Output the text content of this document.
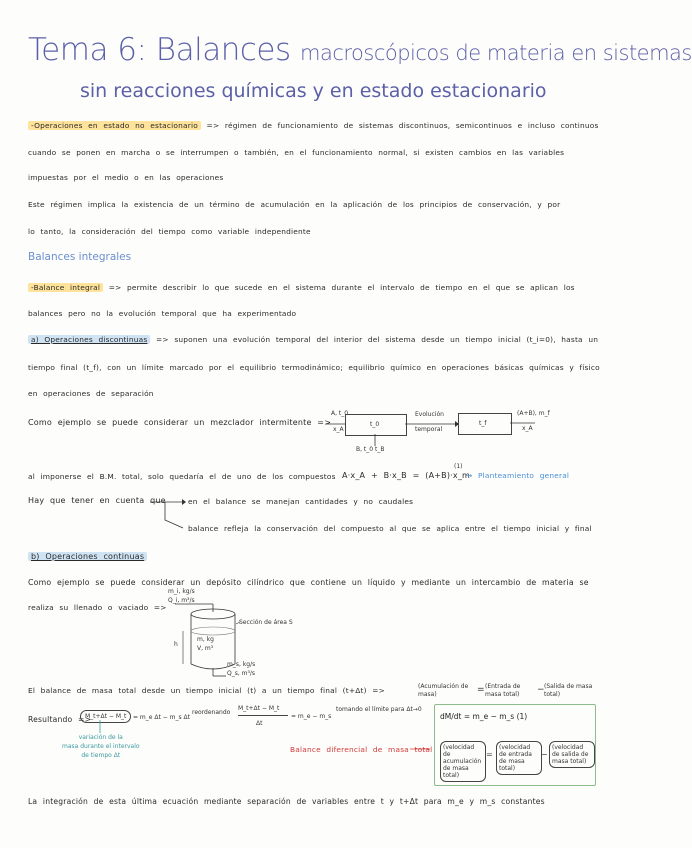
Tema 6: Balances macroscópicos de materia en sistemas
sin reacciones químicas y en estado estacionario
-Operaciones en estado no estacionario => régimen de funcionamiento de sistemas discontinuos, semicontinuos e incluso continuos
cuando se ponen en marcha o se interrumpen o también, en el funcionamiento normal, si existen cambios en las variables
impuestas por el medio o en las operaciones
Este régimen implica la existencia de un término de acumulación en la aplicación de los principios de conservación, y por
lo tanto, la consideración del tiempo como variable independiente
Balances integrales
-Balance integral => permite describir lo que sucede en el sistema durante el intervalo de tiempo en el que se aplican los
balances pero no la evolución temporal que ha experimentado
a) Operaciones discontinuas => suponen una evolución temporal del interior del sistema desde un tiempo inicial (t_i=0), hasta un
tiempo final (t_f), con un límite marcado por el equilibrio termodinámico; equilibrio químico en operaciones básicas químicas y físico
en operaciones de separación
Como ejemplo se puede considerar un mezclador intermitente =>
A, t_0
x_A
t_0
Evolución
temporal
t_f
(A+B), m_f
x_A
B, t_0 t_B
al imponerse el B.M. total, solo quedaría el de uno de los compuestos A·x_A + B·x_B = (A+B)·x_m
(1)
→ Planteamiento general
Hay que tener en cuenta que	en el balance se manejan cantidades y no caudales
balance refleja la conservación del compuesto al que se aplica entre el tiempo inicial y final
b) Operaciones continuas
Como ejemplo se puede considerar un depósito cilíndrico que contiene un líquido y mediante un intercambio de materia se
realiza su llenado o vaciado =>
m_i, kg/s
Q_i, m³/s
Sección de área S
h
m, kg
V, m³
m_s, kg/s
Q_s, m³/s
El balance de masa total desde un tiempo inicial (t) a un tiempo final (t+Δt) =>	(Acumulación de masa)
(Entrada de masa total)
(Salida de masa total)
Resultando =>
M_t+Δt − M_t	= m_e Δt − m_s Δt
reordenando
M_t+Δt − M_t
Δt
= m_e − m_s
tomando el límite para Δt→0
dM/dt = m_e − m_s (1)
variación de la
masa durante el intervalo
de tiempo Δt
Balance diferencial de masa total	(velocidad de acumulación de masa total)
(velocidad de entrada de masa total)
(velocidad de salida de masa total)
La integración de esta última ecuación mediante separación de variables entre t y t+Δt para m_e y m_s constantes
=	−
=	−
